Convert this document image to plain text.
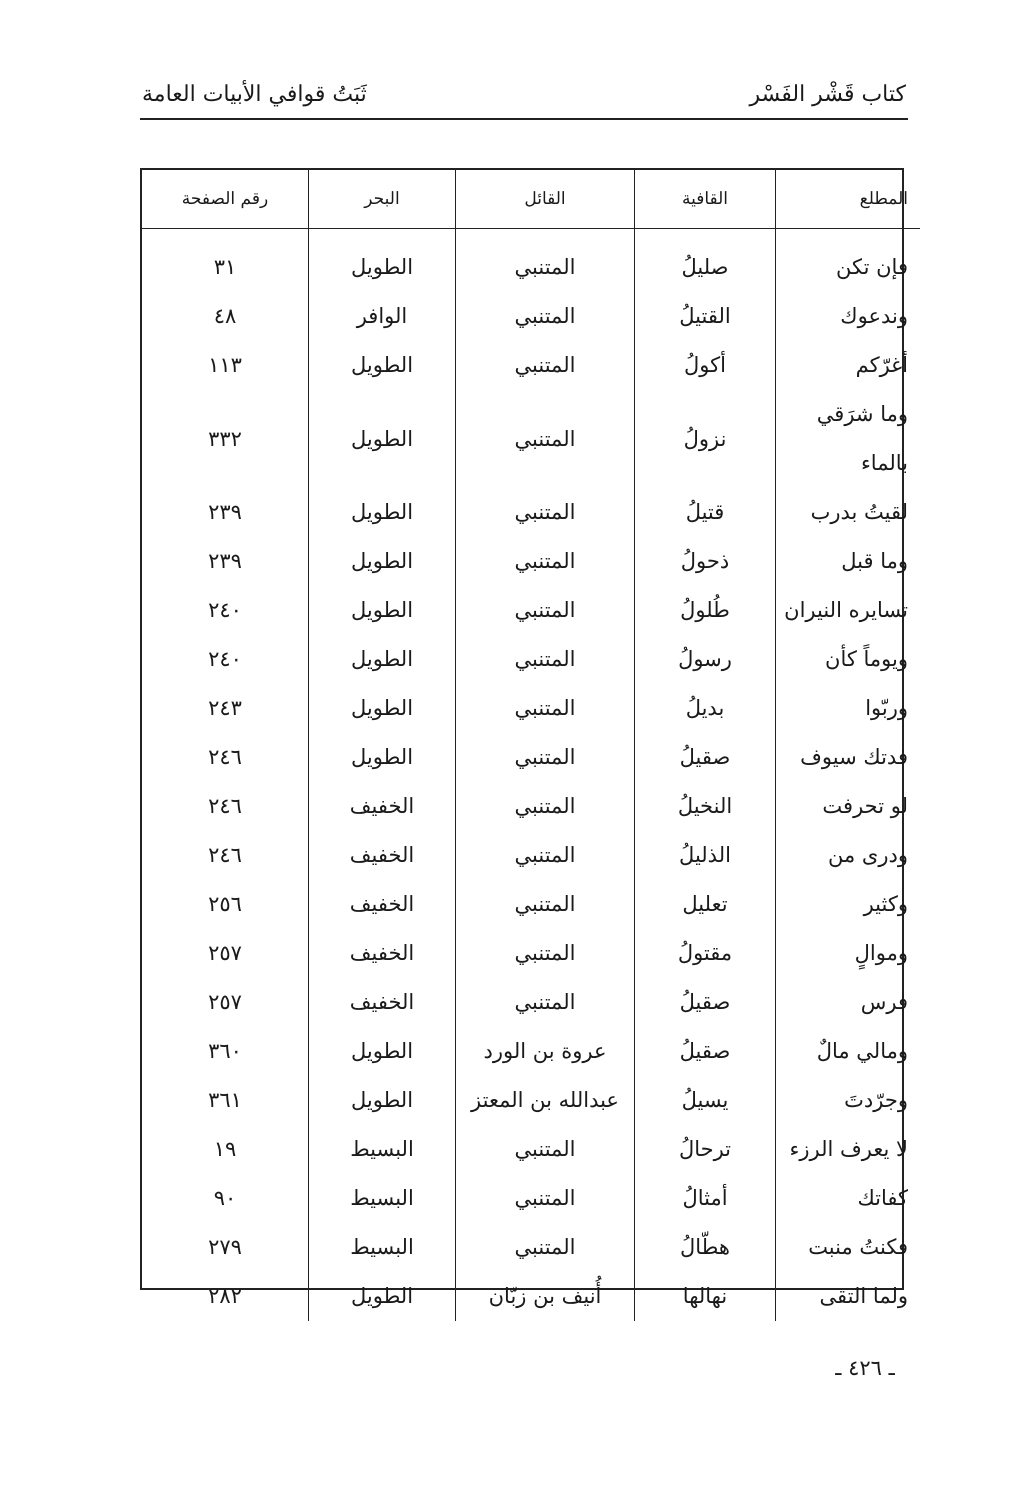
كتاب قَشْر الفَسْر
ثَبَتُ قوافي الأبيات العامة
المطلع	القافية	القائل	البحر	رقم الصفحة
فإن تكن	صليلُ	المتنبي	الطويل	٣١
وندعوك	القتيلُ	المتنبي	الوافر	٤٨
أغرّكم	أكولُ	المتنبي	الطويل	١١٣
وما شرَقي بالماء	نزولُ	المتنبي	الطويل	٣٣٢
لقيتُ بدرب	قتيلُ	المتنبي	الطويل	٢٣٩
وما قبل	ذحولُ	المتنبي	الطويل	٢٣٩
تسايره النيران	طُلولُ	المتنبي	الطويل	٢٤٠
ويوماً كأن	رسولُ	المتنبي	الطويل	٢٤٠
وربّوا	بديلُ	المتنبي	الطويل	٢٤٣
فدتك سيوف	صقيلُ	المتنبي	الطويل	٢٤٦
لو تحرفت	النخيلُ	المتنبي	الخفيف	٢٤٦
ودرى من	الذليلُ	المتنبي	الخفيف	٢٤٦
وكثير	تعليل	المتنبي	الخفيف	٢٥٦
وموالٍ	مقتولُ	المتنبي	الخفيف	٢٥٧
فرس	صقيلُ	المتنبي	الخفيف	٢٥٧
ومالي مالٌ	صقيلُ	عروة بن الورد	الطويل	٣٦٠
وجرّدتَ	يسيلُ	عبدالله بن المعتز	الطويل	٣٦١
لا يعرف الرزء	ترحالُ	المتنبي	البسيط	١٩
كفاتك	أمثالُ	المتنبي	البسيط	٩٠
فكنتُ منبت	هطّالُ	المتنبي	البسيط	٢٧٩
ولما التقى	نهالها	أُنيف بن زبّان	الطويل	٢٨٢

ـ ٤٢٦ ـ
